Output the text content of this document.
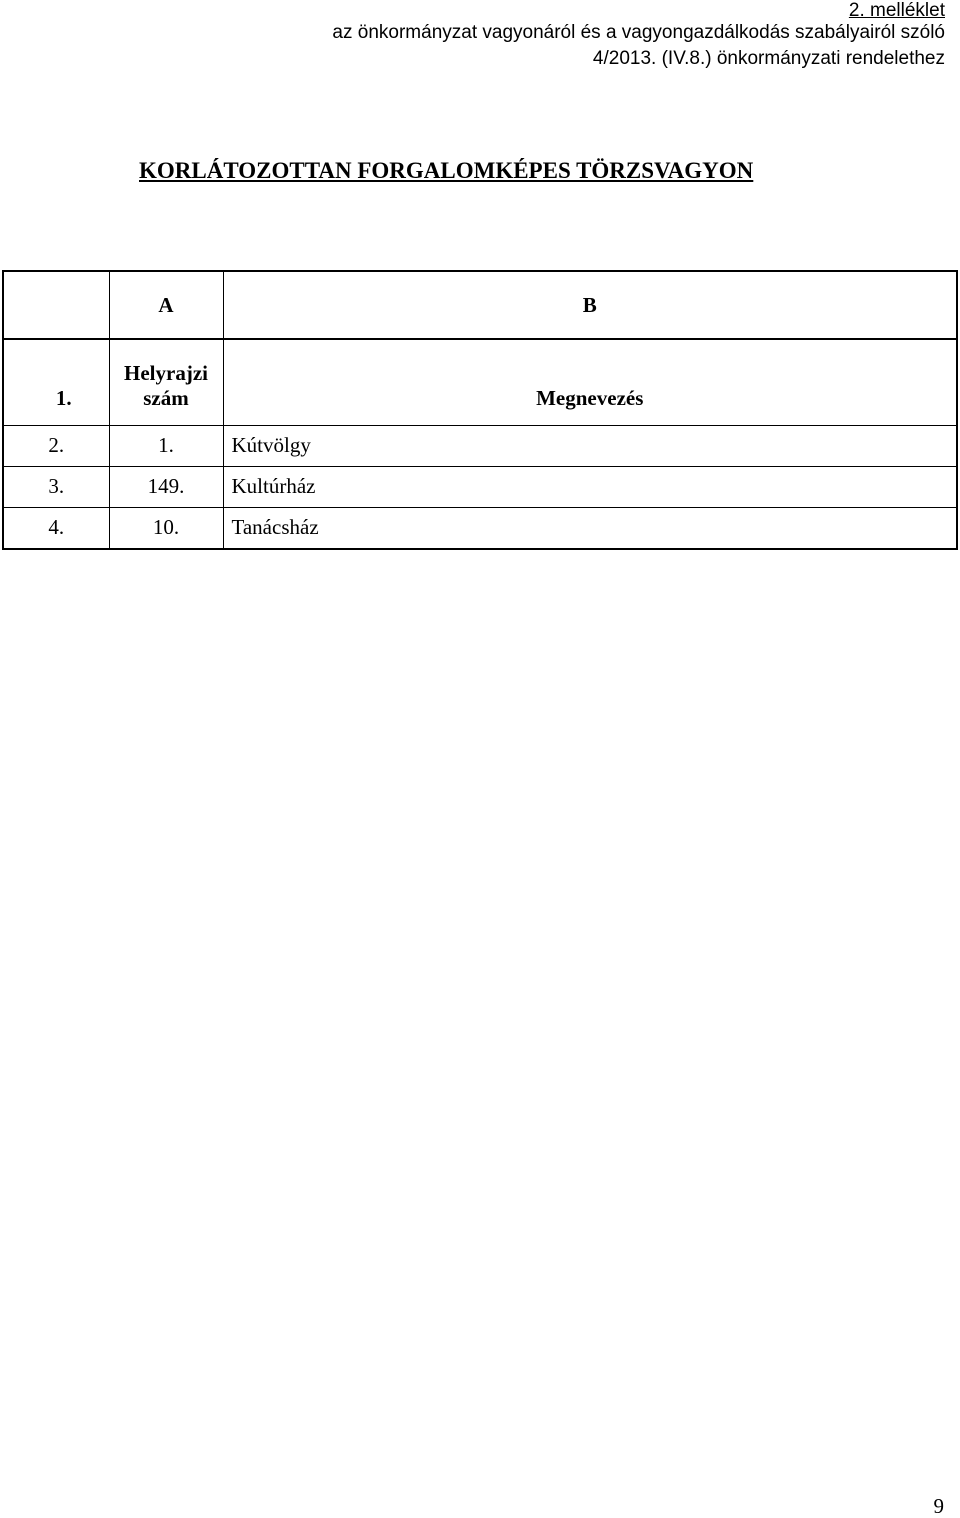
2. melléklet
az önkormányzat vagyonáról és a vagyongazdálkodás szabályairól szóló
4/2013. (IV.8.) önkormányzati rendelethez
KORLÁTOZOTTAN FORGALOMKÉPES TÖRZSVAGYON
	A	B
1.	Helyrajzi szám	Megnevezés
2.	1.	Kútvölgy
3.	149.	Kultúrház
4.	10.	Tanácsház
9
